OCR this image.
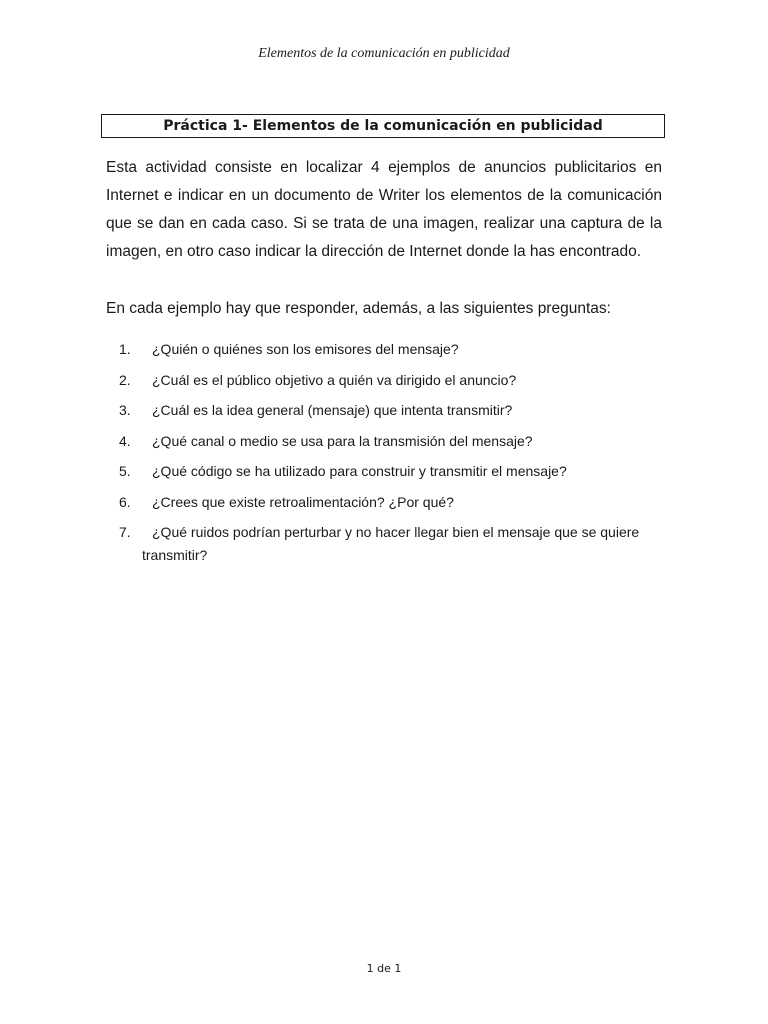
Elementos de la comunicación en publicidad
Práctica 1- Elementos de la comunicación en publicidad

Esta actividad consiste en localizar 4 ejemplos de anuncios publicitarios en Internet e indicar en un documento de Writer los elementos de la comunicación que se dan en cada caso. Si se trata de una imagen, realizar una captura de la imagen, en otro caso indicar la dirección de Internet donde la has encontrado.

En cada ejemplo hay que responder, además, a las siguientes preguntas:

1.	¿Quién o quiénes son los emisores del mensaje?
2.	¿Cuál es el público objetivo a quién va dirigido el anuncio?
3.	¿Cuál es la idea general (mensaje) que intenta transmitir?
4.	¿Qué canal o medio se usa para la transmisión del mensaje?
5.	¿Qué código se ha utilizado para construir y transmitir el mensaje?
6.	¿Crees que existe retroalimentación? ¿Por qué?
7.	¿Qué ruidos podrían perturbar y no hacer llegar bien el mensaje que se quiere transmitir?
1 de 1
